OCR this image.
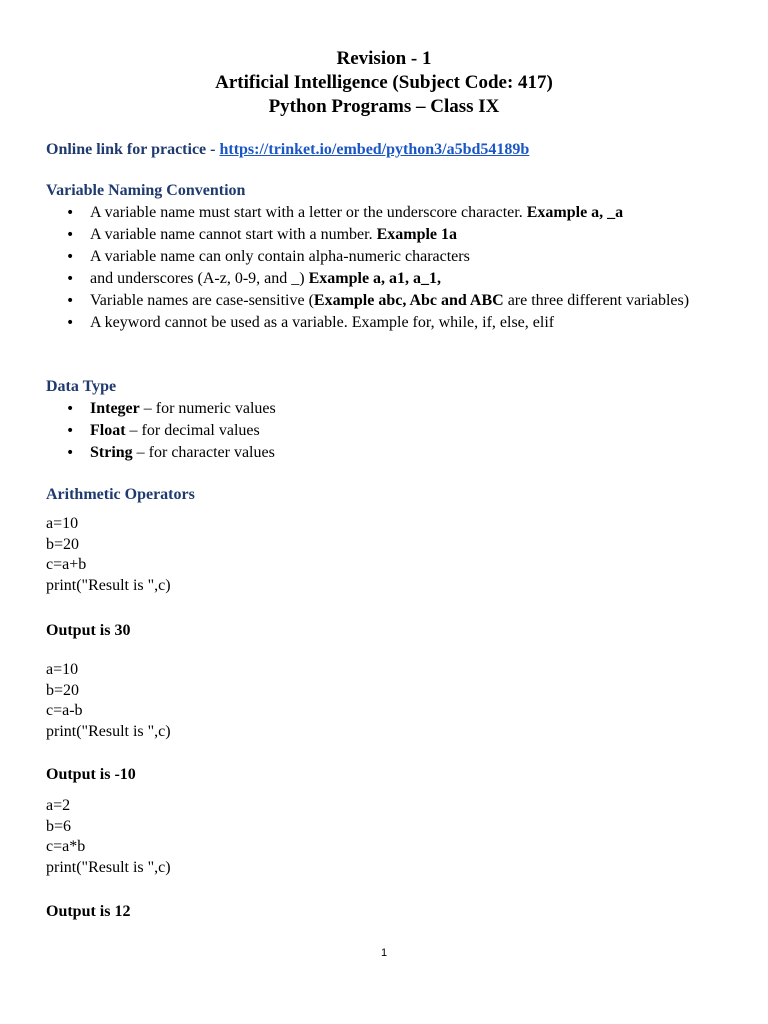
Revision - 1
Artificial Intelligence (Subject Code: 417)
Python Programs – Class IX
Online link for practice - https://trinket.io/embed/python3/a5bd54189b
Variable Naming Convention
• A variable name must start with a letter or the underscore character. Example a, _a
• A variable name cannot start with a number. Example 1a
• A variable name can only contain alpha-numeric characters
• and underscores (A-z, 0-9, and _) Example a, a1, a_1,
• Variable names are case-sensitive (Example abc, Abc and ABC are three different variables)
• A keyword cannot be used as a variable. Example for, while, if, else, elif
Data Type
• Integer – for numeric values
• Float – for decimal values
• String – for character values
Arithmetic Operators
a=10
b=20
c=a+b
print("Result is ",c)
Output is 30
a=10
b=20
c=a-b
print("Result is ",c)
Output is -10
a=2
b=6
c=a*b
print("Result is ",c)
Output is 12
1
